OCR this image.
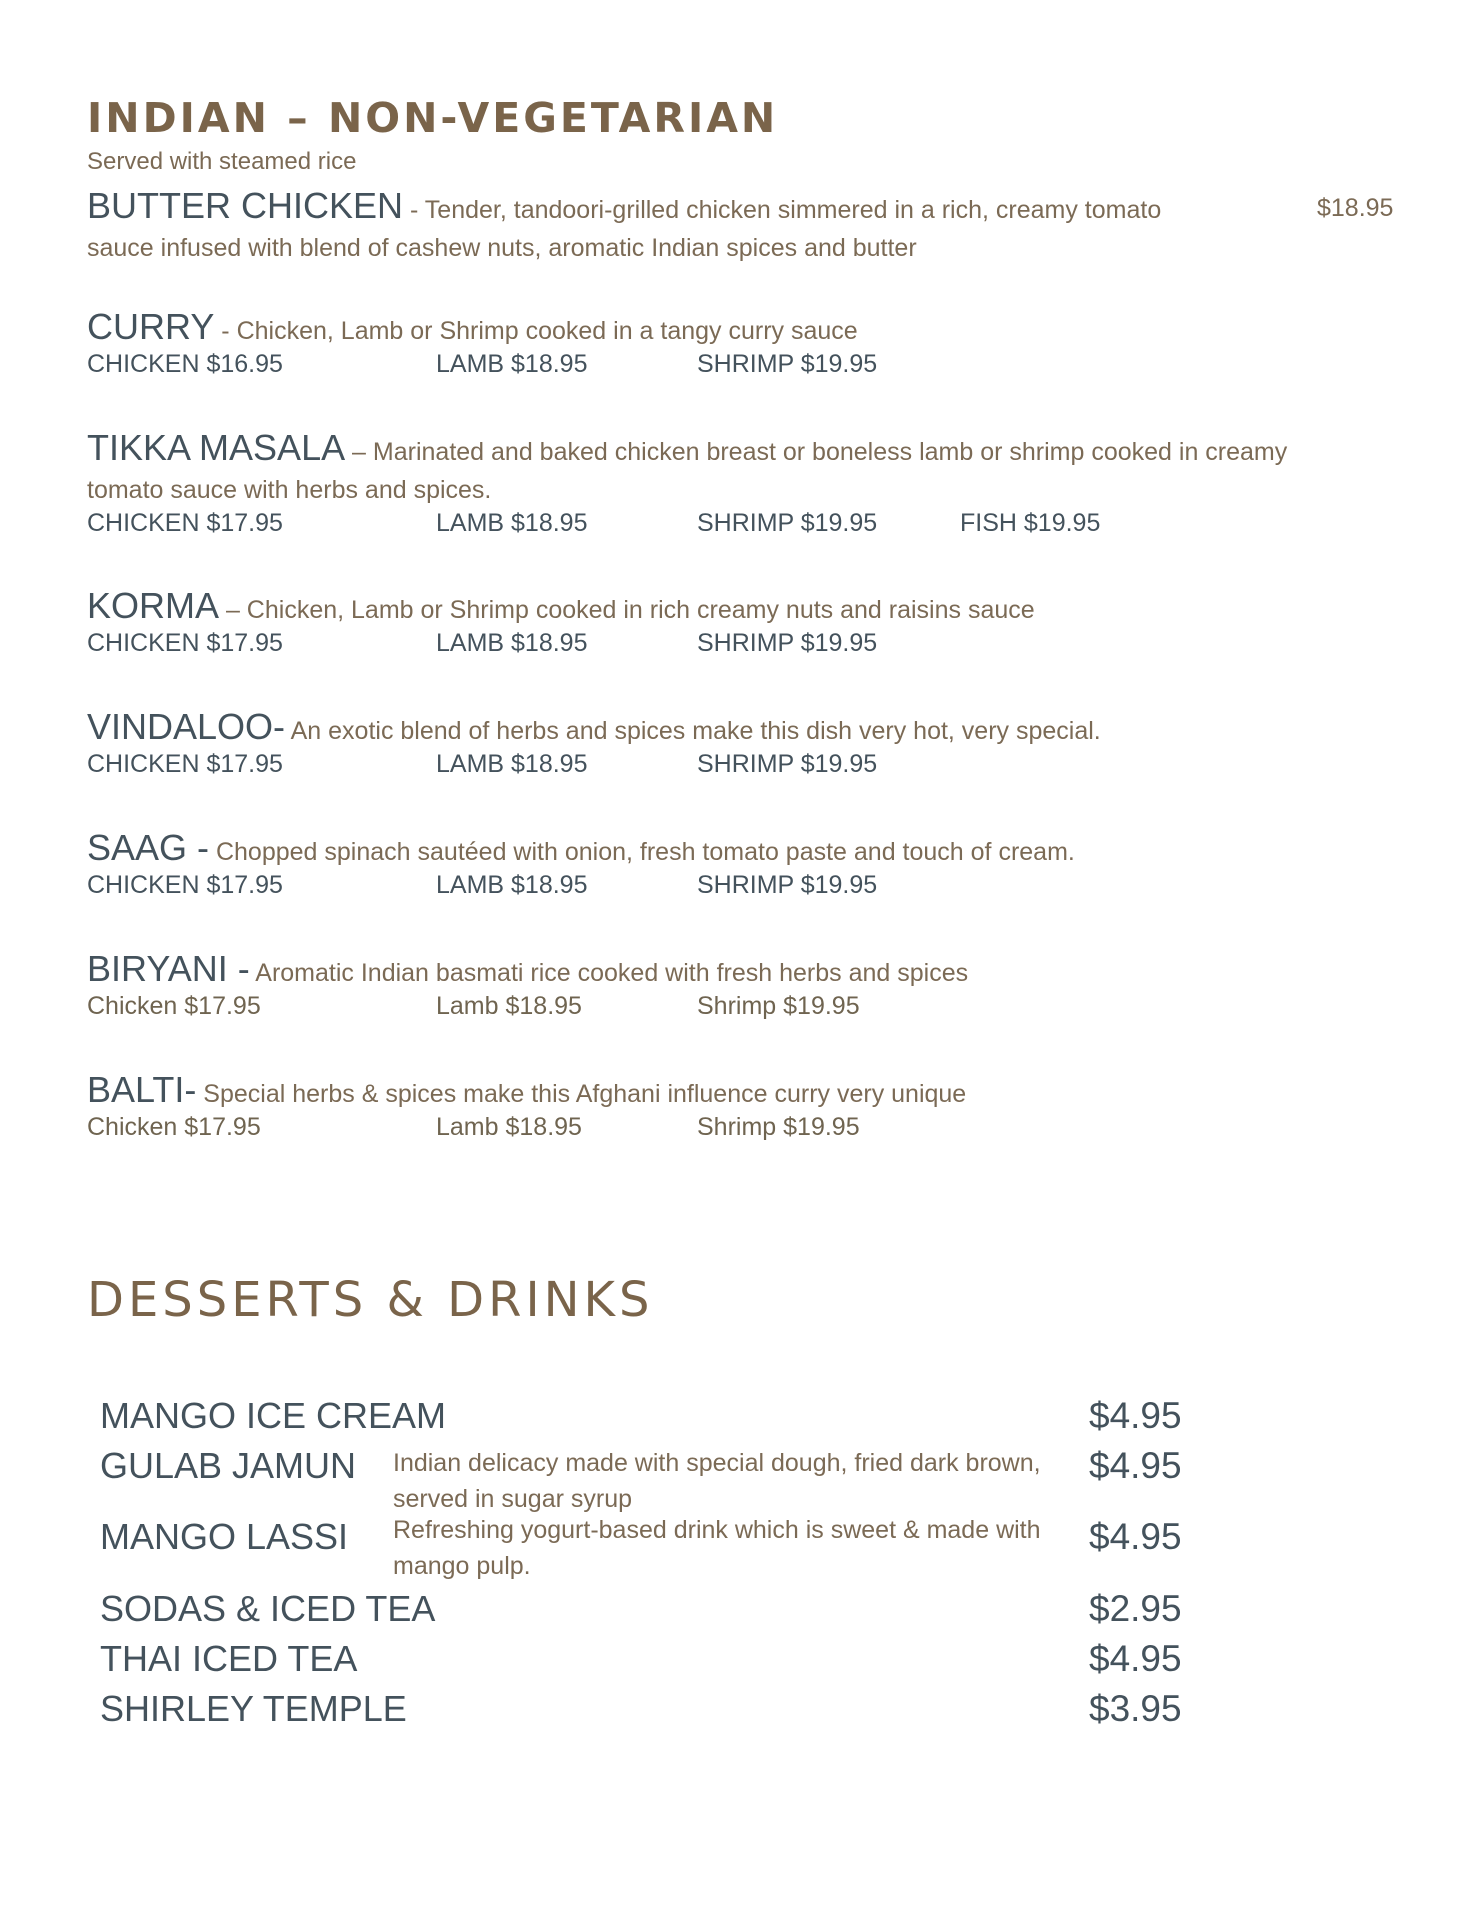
INDIAN – NON-VEGETARIAN
Served with steamed rice
BUTTER CHICKEN - Tender, tandoori-grilled chicken simmered in a rich, creamy tomato sauce infused with blend of cashew nuts, aromatic Indian spices and butter
$18.95
CURRY - Chicken, Lamb or Shrimp cooked in a tangy curry sauce
CHICKEN $16.95	LAMB $18.95	SHRIMP $19.95
TIKKA MASALA – Marinated and baked chicken breast or boneless lamb or shrimp cooked in creamy tomato sauce with herbs and spices.
CHICKEN $17.95	LAMB $18.95	SHRIMP $19.95	FISH $19.95
KORMA – Chicken, Lamb or Shrimp cooked in rich creamy nuts and raisins sauce
CHICKEN $17.95	LAMB $18.95	SHRIMP $19.95
VINDALOO- An exotic blend of herbs and spices make this dish very hot, very special.
CHICKEN $17.95	LAMB $18.95	SHRIMP $19.95
SAAG - Chopped spinach sautéed with onion, fresh tomato paste and touch of cream.
CHICKEN $17.95	LAMB $18.95	SHRIMP $19.95
BIRYANI - Aromatic Indian basmati rice cooked with fresh herbs and spices
Chicken $17.95	Lamb $18.95	Shrimp $19.95
BALTI- Special herbs & spices make this Afghani influence curry very unique
Chicken $17.95	Lamb $18.95	Shrimp $19.95
DESSERTS & DRINKS
MANGO ICE CREAM	$4.95
GULAB JAMUN Indian delicacy made with special dough, fried dark brown, served in sugar syrup
$4.95
MANGO LASSI Refreshing yogurt-based drink which is sweet & made with mango pulp.
$4.95
SODAS & ICED TEA	$2.95
THAI ICED TEA	$4.95
SHIRLEY TEMPLE	$3.95
